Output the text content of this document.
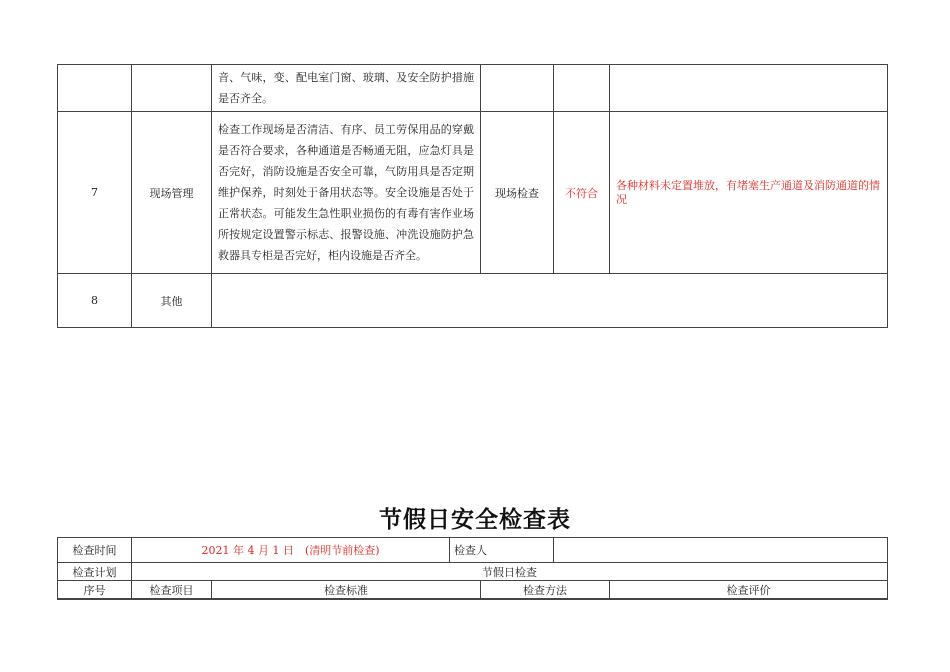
		音、气味，变、配电室门窗、玻璃、及安全防护措施是否齐全。			
7	现场管理	检查工作现场是否清洁、有序、员工劳保用品的穿戴是否符合要求，各种通道是否畅通无阻，应急灯具是否完好，消防设施是否安全可靠，气防用具是否定期维护保养，时刻处于备用状态等。安全设施是否处于正常状态。可能发生急性职业损伤的有毒有害作业场所按规定设置警示标志、报警设施、冲洗设施防护急救器具专柜是否完好，柜内设施是否齐全。	现场检查	不符合	各种材料未定置堆放，有堵塞生产通道及消防通道的情况
8	其他				
节假日安全检查表
检查时间	2021 年 4 月 1 日　(清明节前检查)		检查人	
检查计划	节假日检查			

序号	检查项目	检查标准	检查方法	检查评价
